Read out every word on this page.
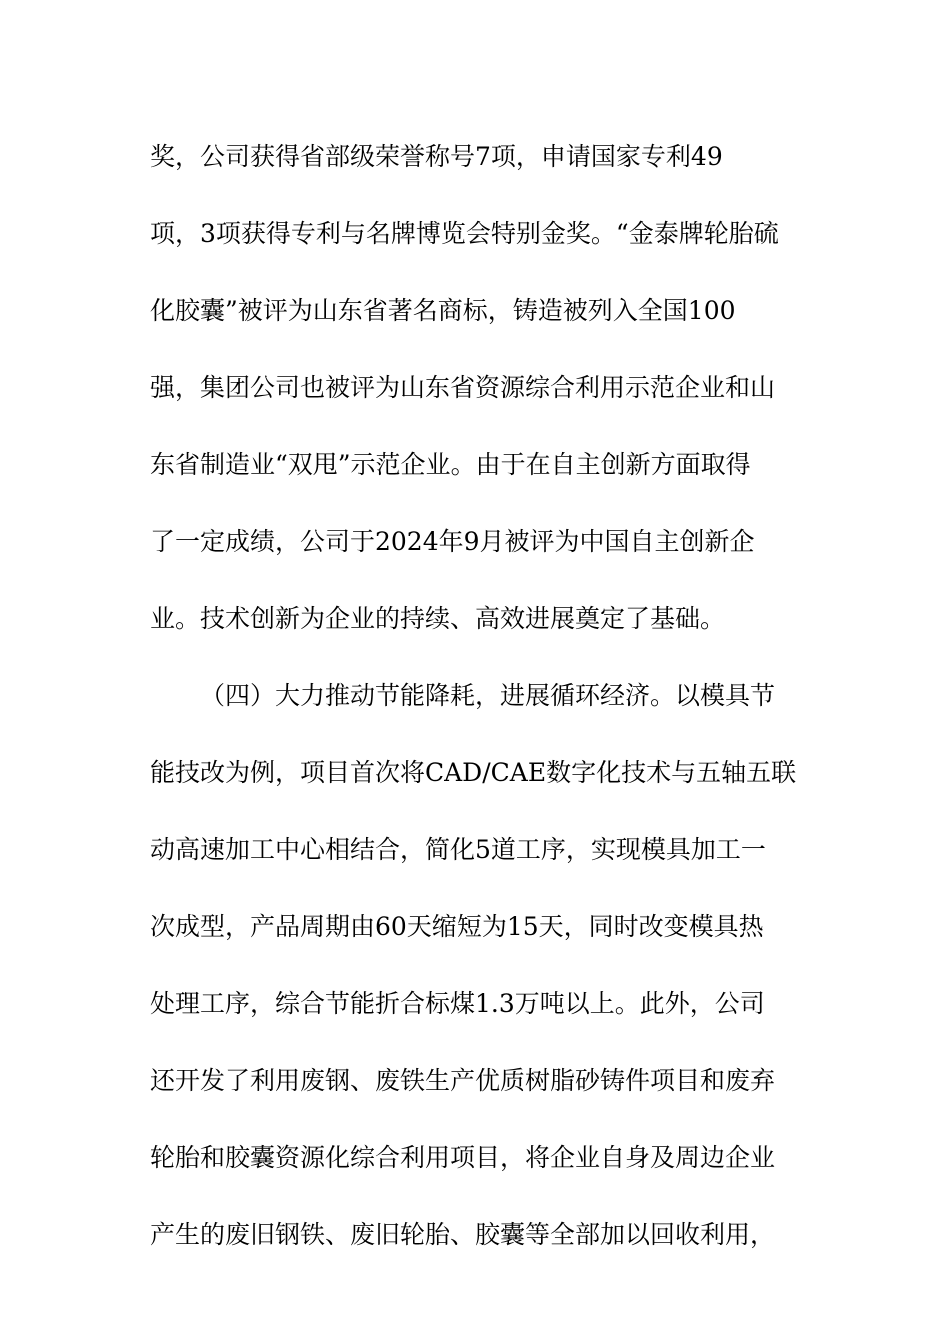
奖，公司获得省部级荣誉称号7项，申请国家专利49
项，3项获得专利与名牌博览会特别金奖。“金泰牌轮胎硫
化胶囊”被评为山东省著名商标，铸造被列入全国100
强，集团公司也被评为山东省资源综合利用示范企业和山
东省制造业“双甩”示范企业。由于在自主创新方面取得
了一定成绩，公司于2024年9月被评为中国自主创新企
业。技术创新为企业的持续、高效进展奠定了基础。
（四）大力推动节能降耗，进展循环经济。以模具节
能技改为例，项目首次将CAD/CAE数字化技术与五轴五联
动高速加工中心相结合，简化5道工序，实现模具加工一
次成型，产品周期由60天缩短为15天，同时改变模具热
处理工序，综合节能折合标煤1.3万吨以上。此外，公司
还开发了利用废钢、废铁生产优质树脂砂铸件项目和废弃
轮胎和胶囊资源化综合利用项目，将企业自身及周边企业
产生的废旧钢铁、废旧轮胎、胶囊等全部加以回收利用，
